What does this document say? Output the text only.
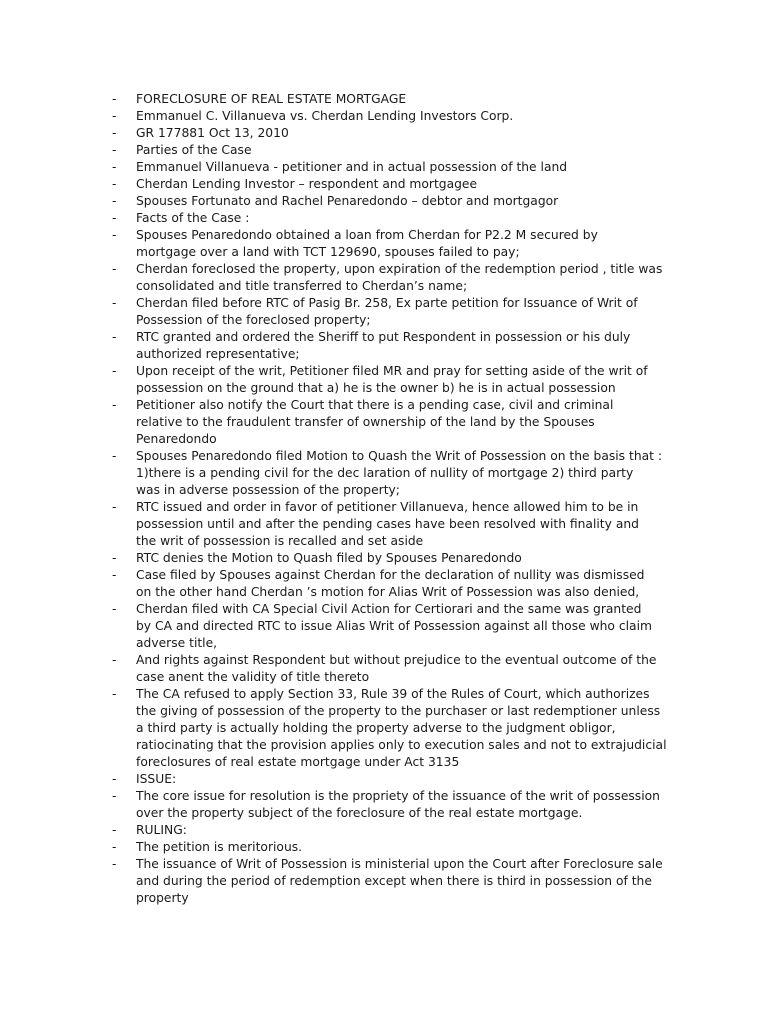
-	FORECLOSURE OF REAL ESTATE MORTGAGE
-	Emmanuel C. Villanueva vs. Cherdan Lending Investors Corp.
-	GR 177881 Oct 13, 2010
-	Parties of the Case
-	Emmanuel Villanueva - petitioner and in actual possession of the land
-	Cherdan Lending Investor – respondent and mortgagee
-	Spouses Fortunato and Rachel Penaredondo – debtor and mortgagor
-	Facts of the Case :
-	Spouses Penaredondo obtained a loan from Cherdan for P2.2 M secured by
mortgage over a land with TCT 129690, spouses failed to pay;
-	Cherdan foreclosed the property, upon expiration of the redemption period , title was
consolidated and title transferred to Cherdan’s name;
-	Cherdan filed before RTC of Pasig Br. 258, Ex parte petition for Issuance of Writ of
Possession of the foreclosed property;
-	RTC granted and ordered the Sheriff to put Respondent in possession or his duly
authorized representative;
-	Upon receipt of the writ, Petitioner filed MR and pray for setting aside of the writ of
possession on the ground that a) he is the owner b) he is in actual possession
-	Petitioner also notify the Court that there is a pending case, civil and criminal
relative to the fraudulent transfer of ownership of the land by the Spouses
Penaredondo
-	Spouses Penaredondo filed Motion to Quash the Writ of Possession on the basis that :
1)there is a pending civil for the dec laration of nullity of mortgage 2) third party
was in adverse possession of the property;
-	RTC issued and order in favor of petitioner Villanueva, hence allowed him to be in
possession until and after the pending cases have been resolved with finality and
the writ of possession is recalled and set aside
-	RTC denies the Motion to Quash filed by Spouses Penaredondo
-	Case filed by Spouses against Cherdan for the declaration of nullity was dismissed
on the other hand Cherdan ’s motion for Alias Writ of Possession was also denied,
-	Cherdan filed with CA Special Civil Action for Certiorari and the same was granted
by CA and directed RTC to issue Alias Writ of Possession against all those who claim
adverse title,
-	And rights against Respondent but without prejudice to the eventual outcome of the
case anent the validity of title thereto
-	The CA refused to apply Section 33, Rule 39 of the Rules of Court, which authorizes
the giving of possession of the property to the purchaser or last redemptioner unless
a third party is actually holding the property adverse to the judgment obligor,
ratiocinating that the provision applies only to execution sales and not to extrajudicial
foreclosures of real estate mortgage under Act 3135
-	ISSUE:
-	The core issue for resolution is the propriety of the issuance of the writ of possession
over the property subject of the foreclosure of the real estate mortgage.
-	RULING:
-	The petition is meritorious.
-	The issuance of Writ of Possession is ministerial upon the Court after Foreclosure sale
and during the period of redemption except when there is third in possession of the
property
